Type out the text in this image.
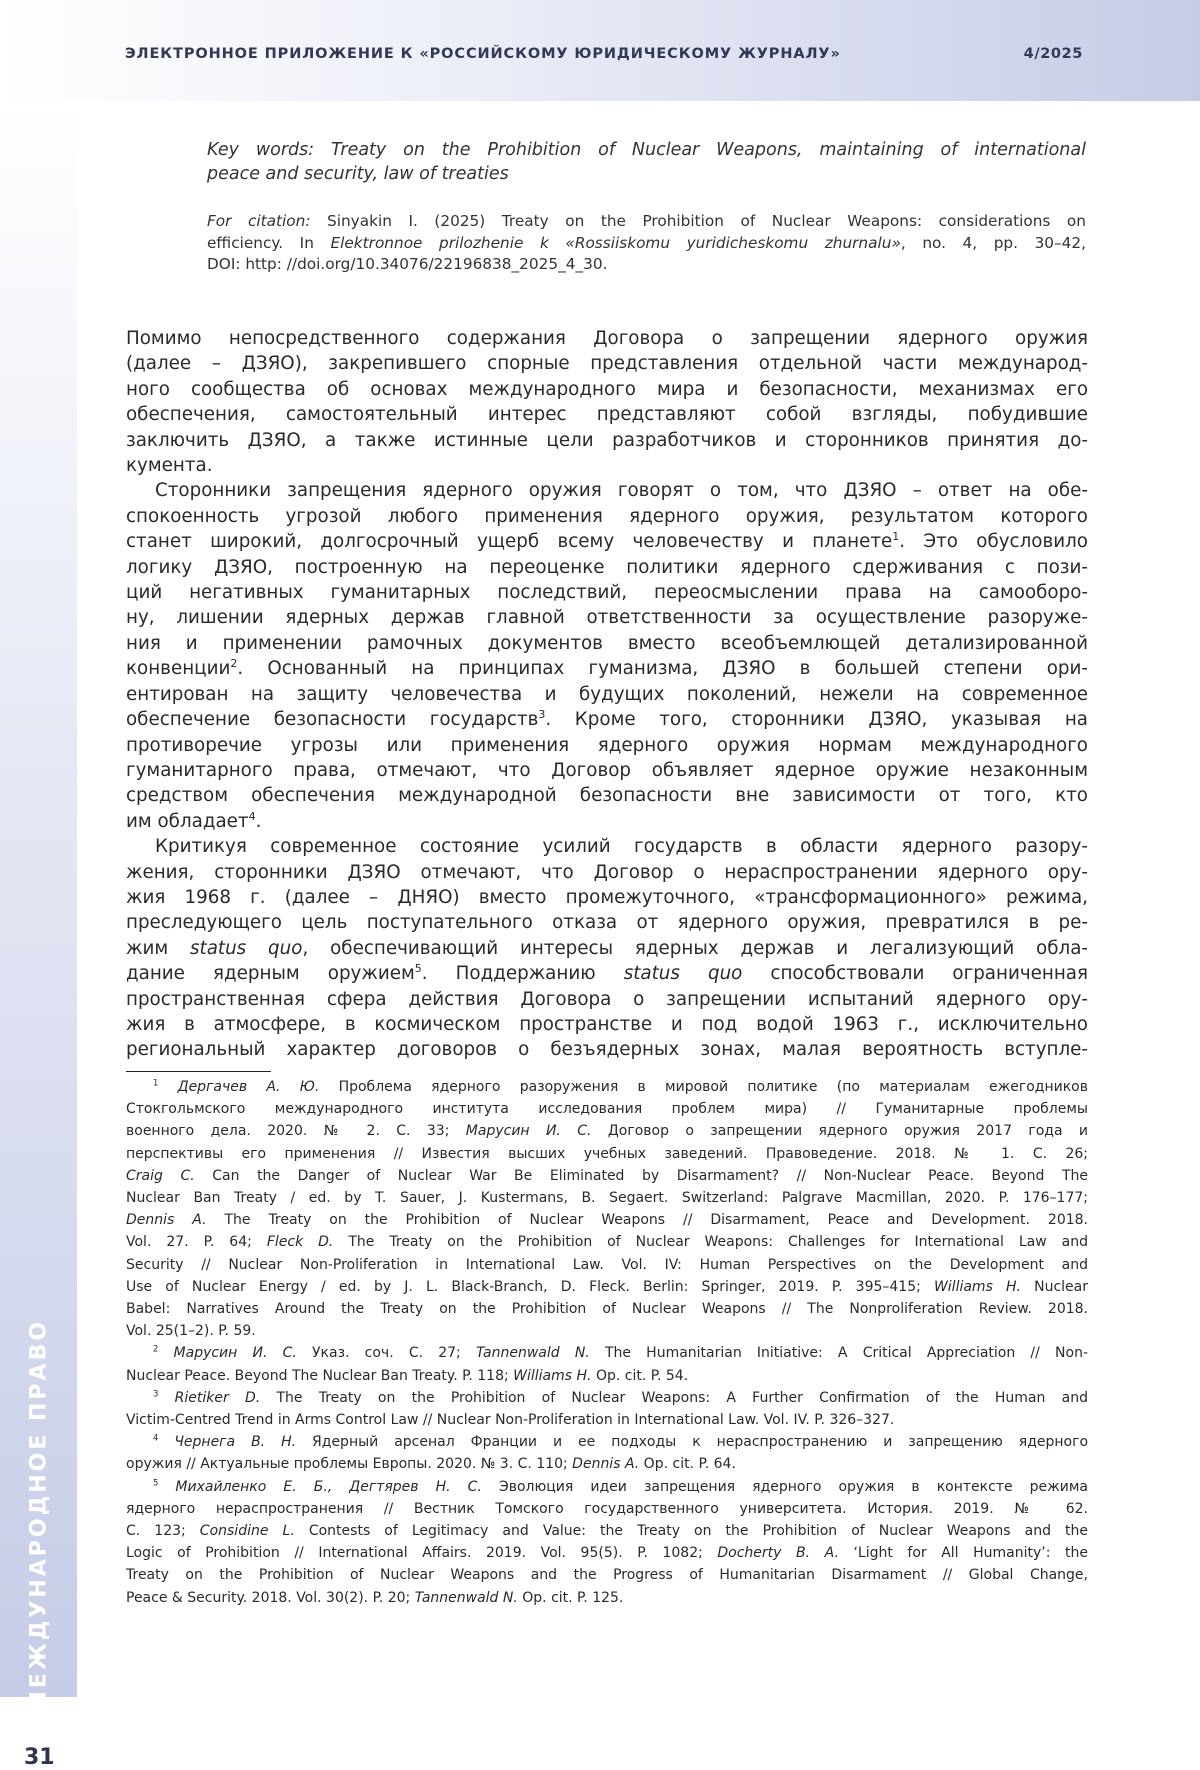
ЭЛЕКТРОННОЕ ПРИЛОЖЕНИЕ К «РОССИЙСКОМУ ЮРИДИЧЕСКОМУ ЖУРНАЛУ»	4/2025
МЕЖДУНАРОДНОЕ ПРАВО
31
Key words: Treaty on the Prohibition of Nuclear Weapons, maintaining of international
peace and security, law of treaties
For citation: Sinyakin I. (2025) Treaty on the Prohibition of Nuclear Weapons: considerations on
efficiency. In Elektronnoe prilozhenie k «Rossiiskomu yuridicheskomu zhurnalu», no. 4, pp. 30–42,
DOI: http: //doi.org/10.34076/22196838_2025_4_30.
Помимо непосредственного содержания Договора о запрещении ядерного оружия
(далее – ДЗЯО), закрепившего спорные представления отдельной части международ-
ного сообщества об основах международного мира и безопасности, механизмах его
обеспечения, самостоятельный интерес представляют собой взгляды, побудившие
заключить ДЗЯО, а также истинные цели разработчиков и сторонников принятия до-
кумента.
Сторонники запрещения ядерного оружия говорят о том, что ДЗЯО – ответ на обе-
спокоенность угрозой любого применения ядерного оружия, результатом которого
станет широкий, долгосрочный ущерб всему человечеству и планете$^1$. Это обусловило
логику ДЗЯО, построенную на переоценке политики ядерного сдерживания с пози-
ций негативных гуманитарных последствий, переосмыслении права на самооборо-
ну, лишении ядерных держав главной ответственности за осуществление разоруже-
ния и применении рамочных документов вместо всеобъемлющей детализированной
конвенции$^2$. Основанный на принципах гуманизма, ДЗЯО в большей степени ори-
ентирован на защиту человечества и будущих поколений, нежели на современное
обеспечение безопасности государств$^3$. Кроме того, сторонники ДЗЯО, указывая на
противоречие угрозы или применения ядерного оружия нормам международного
гуманитарного права, отмечают, что Договор объявляет ядерное оружие незаконным
средством обеспечения международной безопасности вне зависимости от того, кто
им обладает$^4$.
Критикуя современное состояние усилий государств в области ядерного разору-
жения, сторонники ДЗЯО отмечают, что Договор о нераспространении ядерного ору-
жия 1968 г. (далее – ДНЯО) вместо промежуточного, «трансформационного» режима,
преследующего цель поступательного отказа от ядерного оружия, превратился в ре-
жим status quo, обеспечивающий интересы ядерных держав и легализующий обла-
дание ядерным оружием$^5$. Поддержанию status quo способствовали ограниченная
пространственная сфера действия Договора о запрещении испытаний ядерного ору-
жия в атмосфере, в космическом пространстве и под водой 1963 г., исключительно
региональный характер договоров о безъядерных зонах, малая вероятность вступле-
$^1$ Дергачев А. Ю. Проблема ядерного разоружения в мировой политике (по материалам ежегодников
Стокгольмского международного института исследования проблем мира) // Гуманитарные проблемы
военного дела. 2020. № 2. С. 33; Марусин И. С. Договор о запрещении ядерного оружия 2017 года и
перспективы его применения // Известия высших учебных заведений. Правоведение. 2018. № 1. С. 26;
Craig C. Can the Danger of Nuclear War Be Eliminated by Disarmament? // Non-Nuclear Peace. Beyond The
Nuclear Ban Treaty / ed. by T. Sauer, J. Kustermans, B. Segaert. Switzerland: Palgrave Macmillan, 2020. P. 176–177;
Dennis A. The Treaty on the Prohibition of Nuclear Weapons // Disarmament, Peace and Development. 2018.
Vol. 27. P. 64; Fleck D. The Treaty on the Prohibition of Nuclear Weapons: Challenges for International Law and
Security // Nuclear Non-Proliferation in International Law. Vol. IV: Human Perspectives on the Development and
Use of Nuclear Energy / ed. by J. L. Black-Branch, D. Fleck. Berlin: Springer, 2019. P. 395–415; Williams H. Nuclear
Babel: Narratives Around the Treaty on the Prohibition of Nuclear Weapons // The Nonproliferation Review. 2018.
Vol. 25(1–2). P. 59.
$^2$ Марусин И. С. Указ. соч. С. 27; Tannenwald N. The Humanitarian Initiative: A Critical Appreciation // Non-
Nuclear Peace. Beyond The Nuclear Ban Treaty. P. 118; Williams H. Op. cit. P. 54.
$^3$ Rietiker D. The Treaty on the Prohibition of Nuclear Weapons: A Further Confirmation of the Human and
Victim-Centred Trend in Arms Control Law // Nuclear Non-Proliferation in International Law. Vol. IV. P. 326–327.
$^4$ Чернега В. Н. Ядерный арсенал Франции и ее подходы к нераспространению и запрещению ядерного
оружия // Актуальные проблемы Европы. 2020. № 3. С. 110; Dennis A. Op. cit. P. 64.
$^5$ Михайленко Е. Б., Дегтярев Н. С. Эволюция идеи запрещения ядерного оружия в контексте режима
ядерного нераспространения // Вестник Томского государственного университета. История. 2019. № 62.
С. 123; Considine L. Contests of Legitimacy and Value: the Treaty on the Prohibition of Nuclear Weapons and the
Logic of Prohibition // International Affairs. 2019. Vol. 95(5). P. 1082; Docherty B. A. ‘Light for All Humanity’: the
Treaty on the Prohibition of Nuclear Weapons and the Progress of Humanitarian Disarmament // Global Change,
Peace & Security. 2018. Vol. 30(2). P. 20; Tannenwald N. Op. cit. P. 125.
